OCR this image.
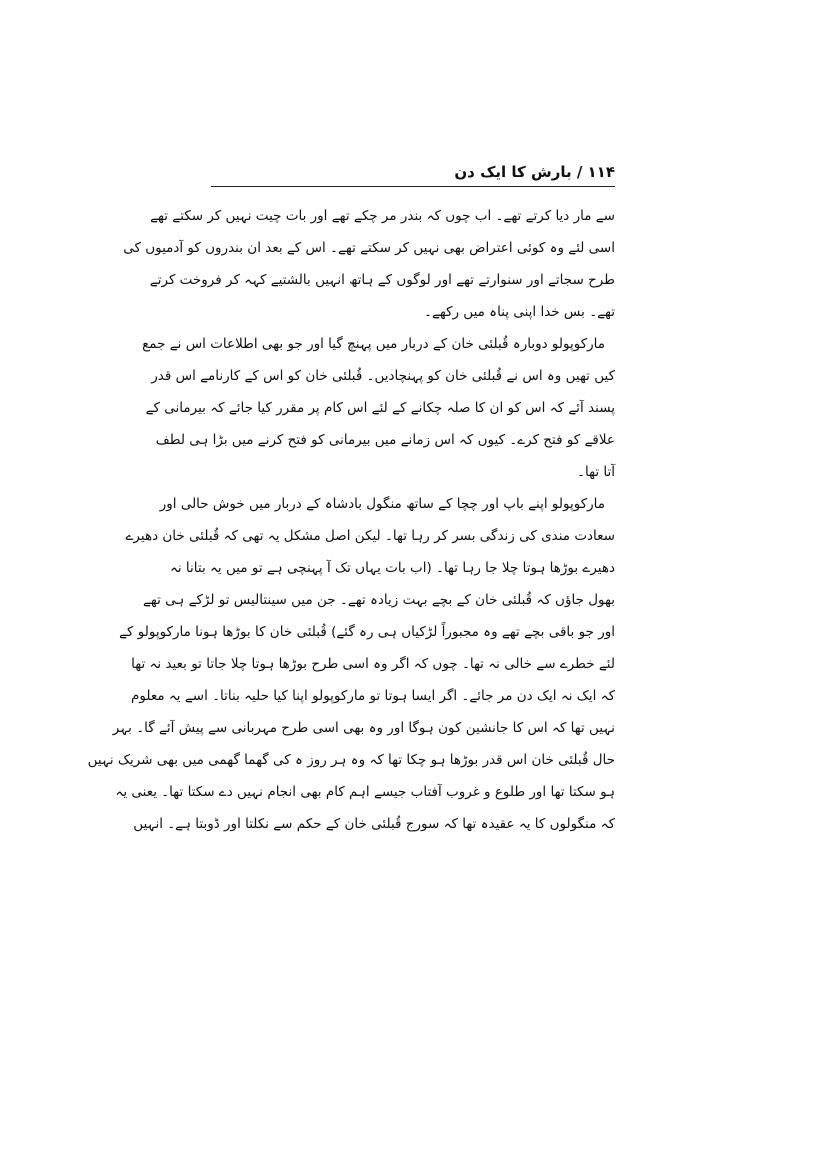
۱۱۴ / بارش کا ایک دن
سے مار دیا کرتے تھے۔ اب چوں کہ بندر مر چکے تھے اور بات چیت نہیں کر سکتے تھے
اسی لئے وہ کوئی اعتراض بھی نہیں کر سکتے تھے۔ اس کے بعد ان بندروں کو آدمیوں کی
طرح سجاتے اور سنوارتے تھے اور لوگوں کے ہاتھ انہیں بالشتیے کہہ کر فروخت کرتے
تھے۔ بس خدا اپنی پناہ میں رکھے۔
مارکوپولو دوبارہ قُبلئی خان کے دربار میں پہنچ گیا اور جو بھی اطلاعات اس نے جمع
کیں تھیں وہ اس نے قُبلئی خان کو پہنچادیں۔ قُبلئی خان کو اس کے کارنامے اس قدر
پسند آئے کہ اس کو ان کا صلہ چکانے کے لئے اس کام پر مقرر کیا جائے کہ بیرمانی کے
علاقے کو فتح کرے۔ کیوں کہ اس زمانے میں بیرمانی کو فتح کرنے میں بڑا ہی لطف
آتا تھا۔
مارکوپولو اپنے باپ اور چچا کے ساتھ منگول بادشاہ کے دربار میں خوش حالی اور
سعادت مندی کی زندگی بسر کر رہا تھا۔ لیکن اصل مشکل یہ تھی کہ قُبلئی خان دھیرے
دھیرے بوڑھا ہوتا چلا جا رہا تھا۔ (اب بات یہاں تک آ پہنچی ہے تو میں یہ بتانا نہ
بھول جاؤں کہ قُبلئی خان کے بچے بہت زیادہ تھے۔ جن میں سینتالیس تو لڑکے ہی تھے
اور جو باقی بچے تھے وہ مجبوراً لڑکیاں ہی رہ گئے) قُبلئی خان کا بوڑھا ہونا مارکوپولو کے
لئے خطرے سے خالی نہ تھا۔ چوں کہ اگر وہ اسی طرح بوڑھا ہوتا چلا جاتا تو بعید نہ تھا
کہ ایک نہ ایک دن مر جائے۔ اگر ایسا ہوتا تو مارکوپولو اپنا کیا حلیہ بناتا۔ اسے یہ معلوم
نہیں تھا کہ اس کا جانشین کون ہوگا اور وہ بھی اسی طرح مہربانی سے پیش آئے گا۔ بہر
حال قُبلئی خان اس قدر بوڑھا ہو چکا تھا کہ وہ ہر روز ہ کی گھما گھمی میں بھی شریک نہیں
ہو سکتا تھا اور طلوع و غروب آفتاب جیسے اہم کام بھی انجام نہیں دے سکتا تھا۔ یعنی یہ
کہ منگولوں کا یہ عقیدہ تھا کہ سورج قُبلئی خان کے حکم سے نکلتا اور ڈوبتا ہے۔ انہیں
